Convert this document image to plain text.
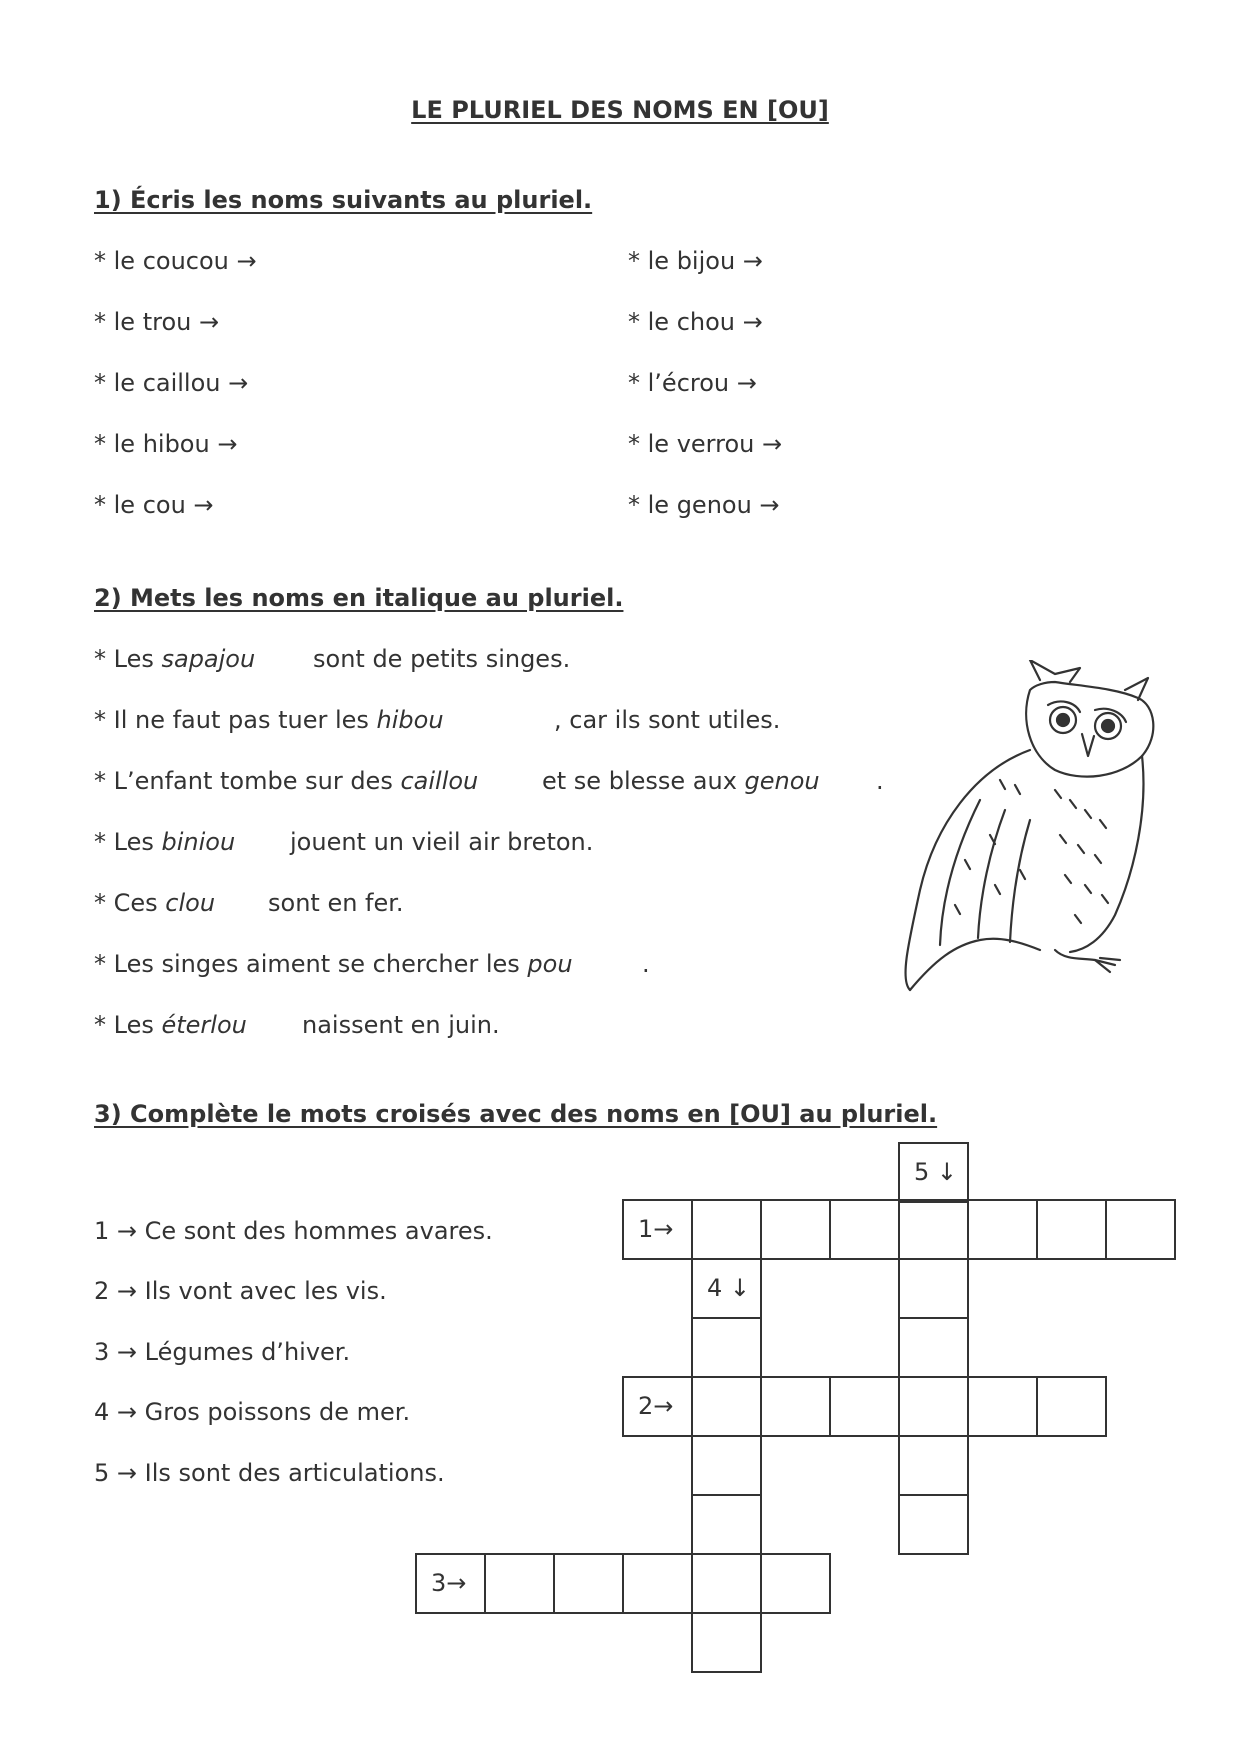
LE PLURIEL DES NOMS EN [OU]
1) Écris les noms suivants au pluriel.
* le coucou →
* le trou →
* le caillou →
* le hibou →
* le cou →
* le bijou →
* le chou →
* l’écrou →
* le verrou →
* le genou →
2) Mets les noms en italique au pluriel.
* Les sapajou sont de petits singes.
* Il ne faut pas tuer les hibou	, car ils sont utiles.
* L’enfant tombe sur des caillou	et se blesse aux genou .
* Les biniou jouent un vieil air breton.
* Ces clou sont en fer.
* Les singes aiment se chercher les pou	.
* Les éterlou naissent en juin.
3) Complète le mots croisés avec des noms en [OU] au pluriel.
1 → Ce sont des hommes avares.
2 → Ils vont avec les vis.
3 → Légumes d’hiver.
4 → Gros poissons de mer.
5 → Ils sont des articulations.
5 ↓
1→
4 ↓
2→
3→
